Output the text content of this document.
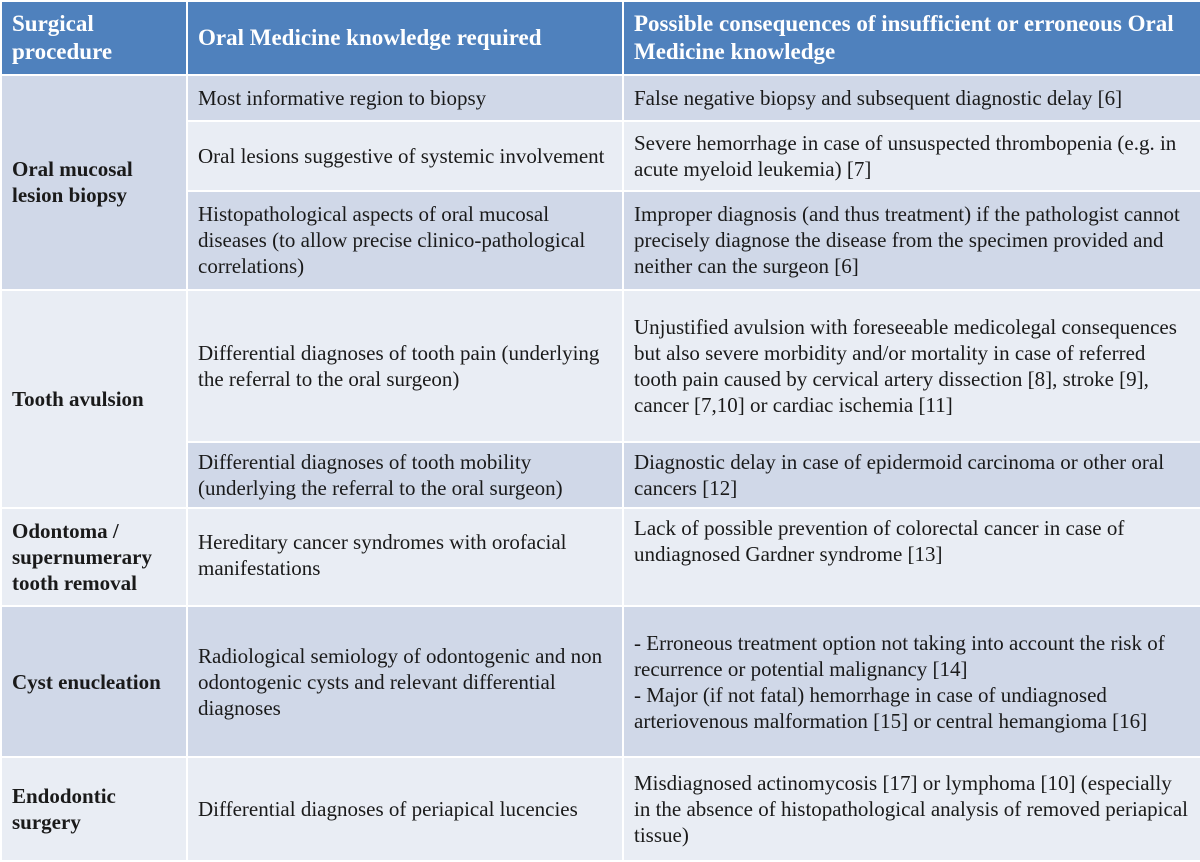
Surgical procedure	Oral Medicine knowledge required	Possible consequences of insufficient or erroneous Oral Medicine knowledge
Oral mucosal lesion biopsy	Most informative region to biopsy	False negative biopsy and subsequent diagnostic delay [6]
	Oral lesions suggestive of systemic involvement	Severe hemorrhage in case of unsuspected thrombopenia (e.g. in acute myeloid leukemia) [7]
	Histopathological aspects of oral mucosal diseases (to allow precise clinico-pathological correlations)	Improper diagnosis (and thus treatment) if the pathologist cannot precisely diagnose the disease from the specimen provided and neither can the surgeon [6]
Tooth avulsion	Differential diagnoses of tooth pain (underlying the referral to the oral surgeon)	Unjustified avulsion with foreseeable medicolegal consequences but also severe morbidity and/or mortality in case of referred tooth pain caused by cervical artery dissection [8], stroke [9], cancer [7,10] or cardiac ischemia [11]
	Differential diagnoses of tooth mobility (underlying the referral to the oral surgeon)	Diagnostic delay in case of epidermoid carcinoma or other oral cancers [12]
Odontoma / supernumerary tooth removal	Hereditary cancer syndromes with orofacial manifestations	Lack of possible prevention of colorectal cancer in case of undiagnosed Gardner syndrome [13]
Cyst enucleation	Radiological semiology of odontogenic and non odontogenic cysts and relevant differential diagnoses	- Erroneous treatment option not taking into account the risk of recurrence or potential malignancy [14]
- Major (if not fatal) hemorrhage in case of undiagnosed arteriovenous malformation [15] or central hemangioma [16]

Endodontic surgery	Differential diagnoses of periapical lucencies	Misdiagnosed actinomycosis [17] or lymphoma [10] (especially in the absence of histopathological analysis of removed periapical tissue)
